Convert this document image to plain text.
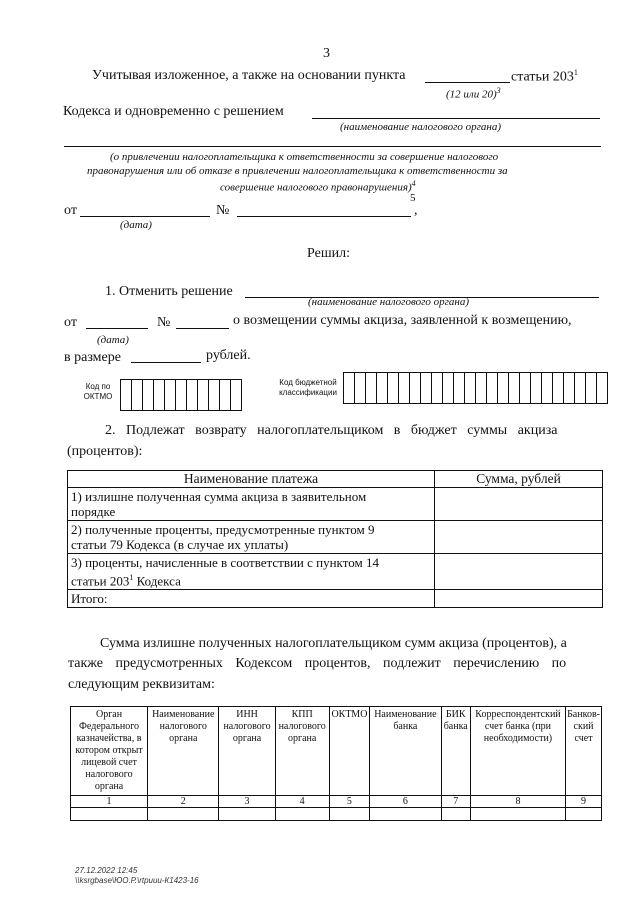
3
Учитывая изложенное, а также на основании пункта	статьи $203^1$
(12 или 20)$^3$
Кодекса и одновременно с решением
(наименование налогового органа)
(о привлечении налогоплательщика к ответственности за совершение налогового
правонарушения или об отказе в привлечении налогоплательщика к ответственности за
совершение налогового правонарушения)$^4$
от	№
5
,
(дата)
Решил:
1. Отменить решение
(наименование налогового органа)
от	№	о возмещении суммы акциза, заявленной к возмещению,
(дата)
в размере	рублей.
Код по ОКТМО
Код бюджетной классификации
2. Подлежат возврату налогоплательщиком в бюджет суммы акциза
(процентов):
Наименование платежа	Сумма, рублей

1) излишне полученная сумма акциза в заявительном
порядке	

2) полученные проценты, предусмотренные пунктом 9
статьи 79 Кодекса (в случае их уплаты)	

3) проценты, начисленные в соответствии с пунктом 14
статьи $203^1$ Кодекса	

Итого:	
Сумма излишне полученных налогоплательщиком сумм акциза (процентов), а
также предусмотренных Кодексом процентов, подлежит перечислению по
следующим реквизитам:
Орган Федерального казначейства, в котором открыт лицевой счет налогового органа	Наименование налогового органа	ИНН налогового органа	КПП налогового органа	ОКТМО	Наименование банка	БИК банка	Корреспондентский счет банка (при необходимости)	Банков-ский счет
1	2	3	4	5	6	7	8	9

27.12.2022 12:45
\\ksrgbase\ЮО.Р.\rtpuuu-К1423-16
